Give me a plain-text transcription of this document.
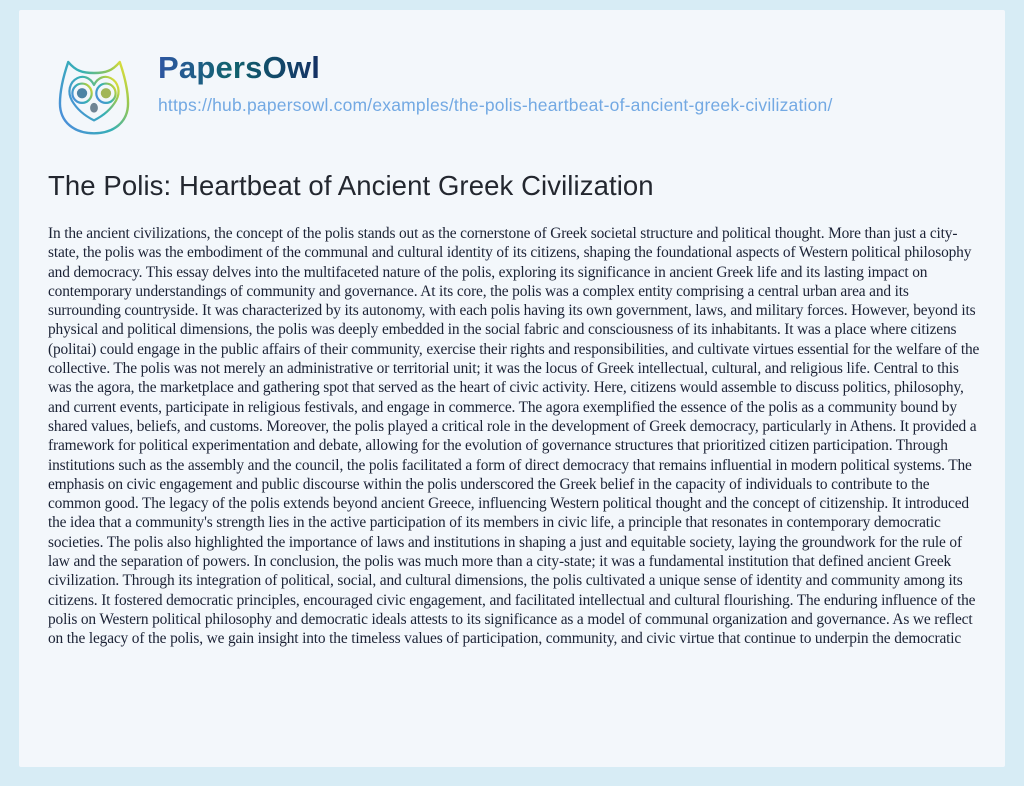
PapersOwl
https://hub.papersowl.com/examples/the-polis-heartbeat-of-ancient-greek-civilization/
The Polis: Heartbeat of Ancient Greek Civilization

In the ancient civilizations, the concept of the polis stands out as the cornerstone of Greek societal structure and political thought. More than just a city-state, the polis was the embodiment of the communal and cultural identity of its citizens, shaping the foundational aspects of Western political philosophy and democracy. This essay delves into the multifaceted nature of the polis, exploring its significance in ancient Greek life and its lasting impact on contemporary understandings of community and governance. At its core, the polis was a complex entity comprising a central urban area and its surrounding countryside. It was characterized by its autonomy, with each polis having its own government, laws, and military forces. However, beyond its physical and political dimensions, the polis was deeply embedded in the social fabric and consciousness of its inhabitants. It was a place where citizens (politai) could engage in the public affairs of their community, exercise their rights and responsibilities, and cultivate virtues essential for the welfare of the collective. The polis was not merely an administrative or territorial unit; it was the locus of Greek intellectual, cultural, and religious life. Central to this was the agora, the marketplace and gathering spot that served as the heart of civic activity. Here, citizens would assemble to discuss politics, philosophy, and current events, participate in religious festivals, and engage in commerce. The agora exemplified the essence of the polis as a community bound by shared values, beliefs, and customs. Moreover, the polis played a critical role in the development of Greek democracy, particularly in Athens. It provided a framework for political experimentation and debate, allowing for the evolution of governance structures that prioritized citizen participation. Through institutions such as the assembly and the council, the polis facilitated a form of direct democracy that remains influential in modern political systems. The emphasis on civic engagement and public discourse within the polis underscored the Greek belief in the capacity of individuals to contribute to the common good. The legacy of the polis extends beyond ancient Greece, influencing Western political thought and the concept of citizenship. It introduced the idea that a community's strength lies in the active participation of its members in civic life, a principle that resonates in contemporary democratic societies. The polis also highlighted the importance of laws and institutions in shaping a just and equitable society, laying the groundwork for the rule of law and the separation of powers. In conclusion, the polis was much more than a city-state; it was a fundamental institution that defined ancient Greek civilization. Through its integration of political, social, and cultural dimensions, the polis cultivated a unique sense of identity and community among its citizens. It fostered democratic principles, encouraged civic engagement, and facilitated intellectual and cultural flourishing. The enduring influence of the polis on Western political philosophy and democratic ideals attests to its significance as a model of communal organization and governance. As we reflect on the legacy of the polis, we gain insight into the timeless values of participation, community, and civic virtue that continue to underpin the democratic
